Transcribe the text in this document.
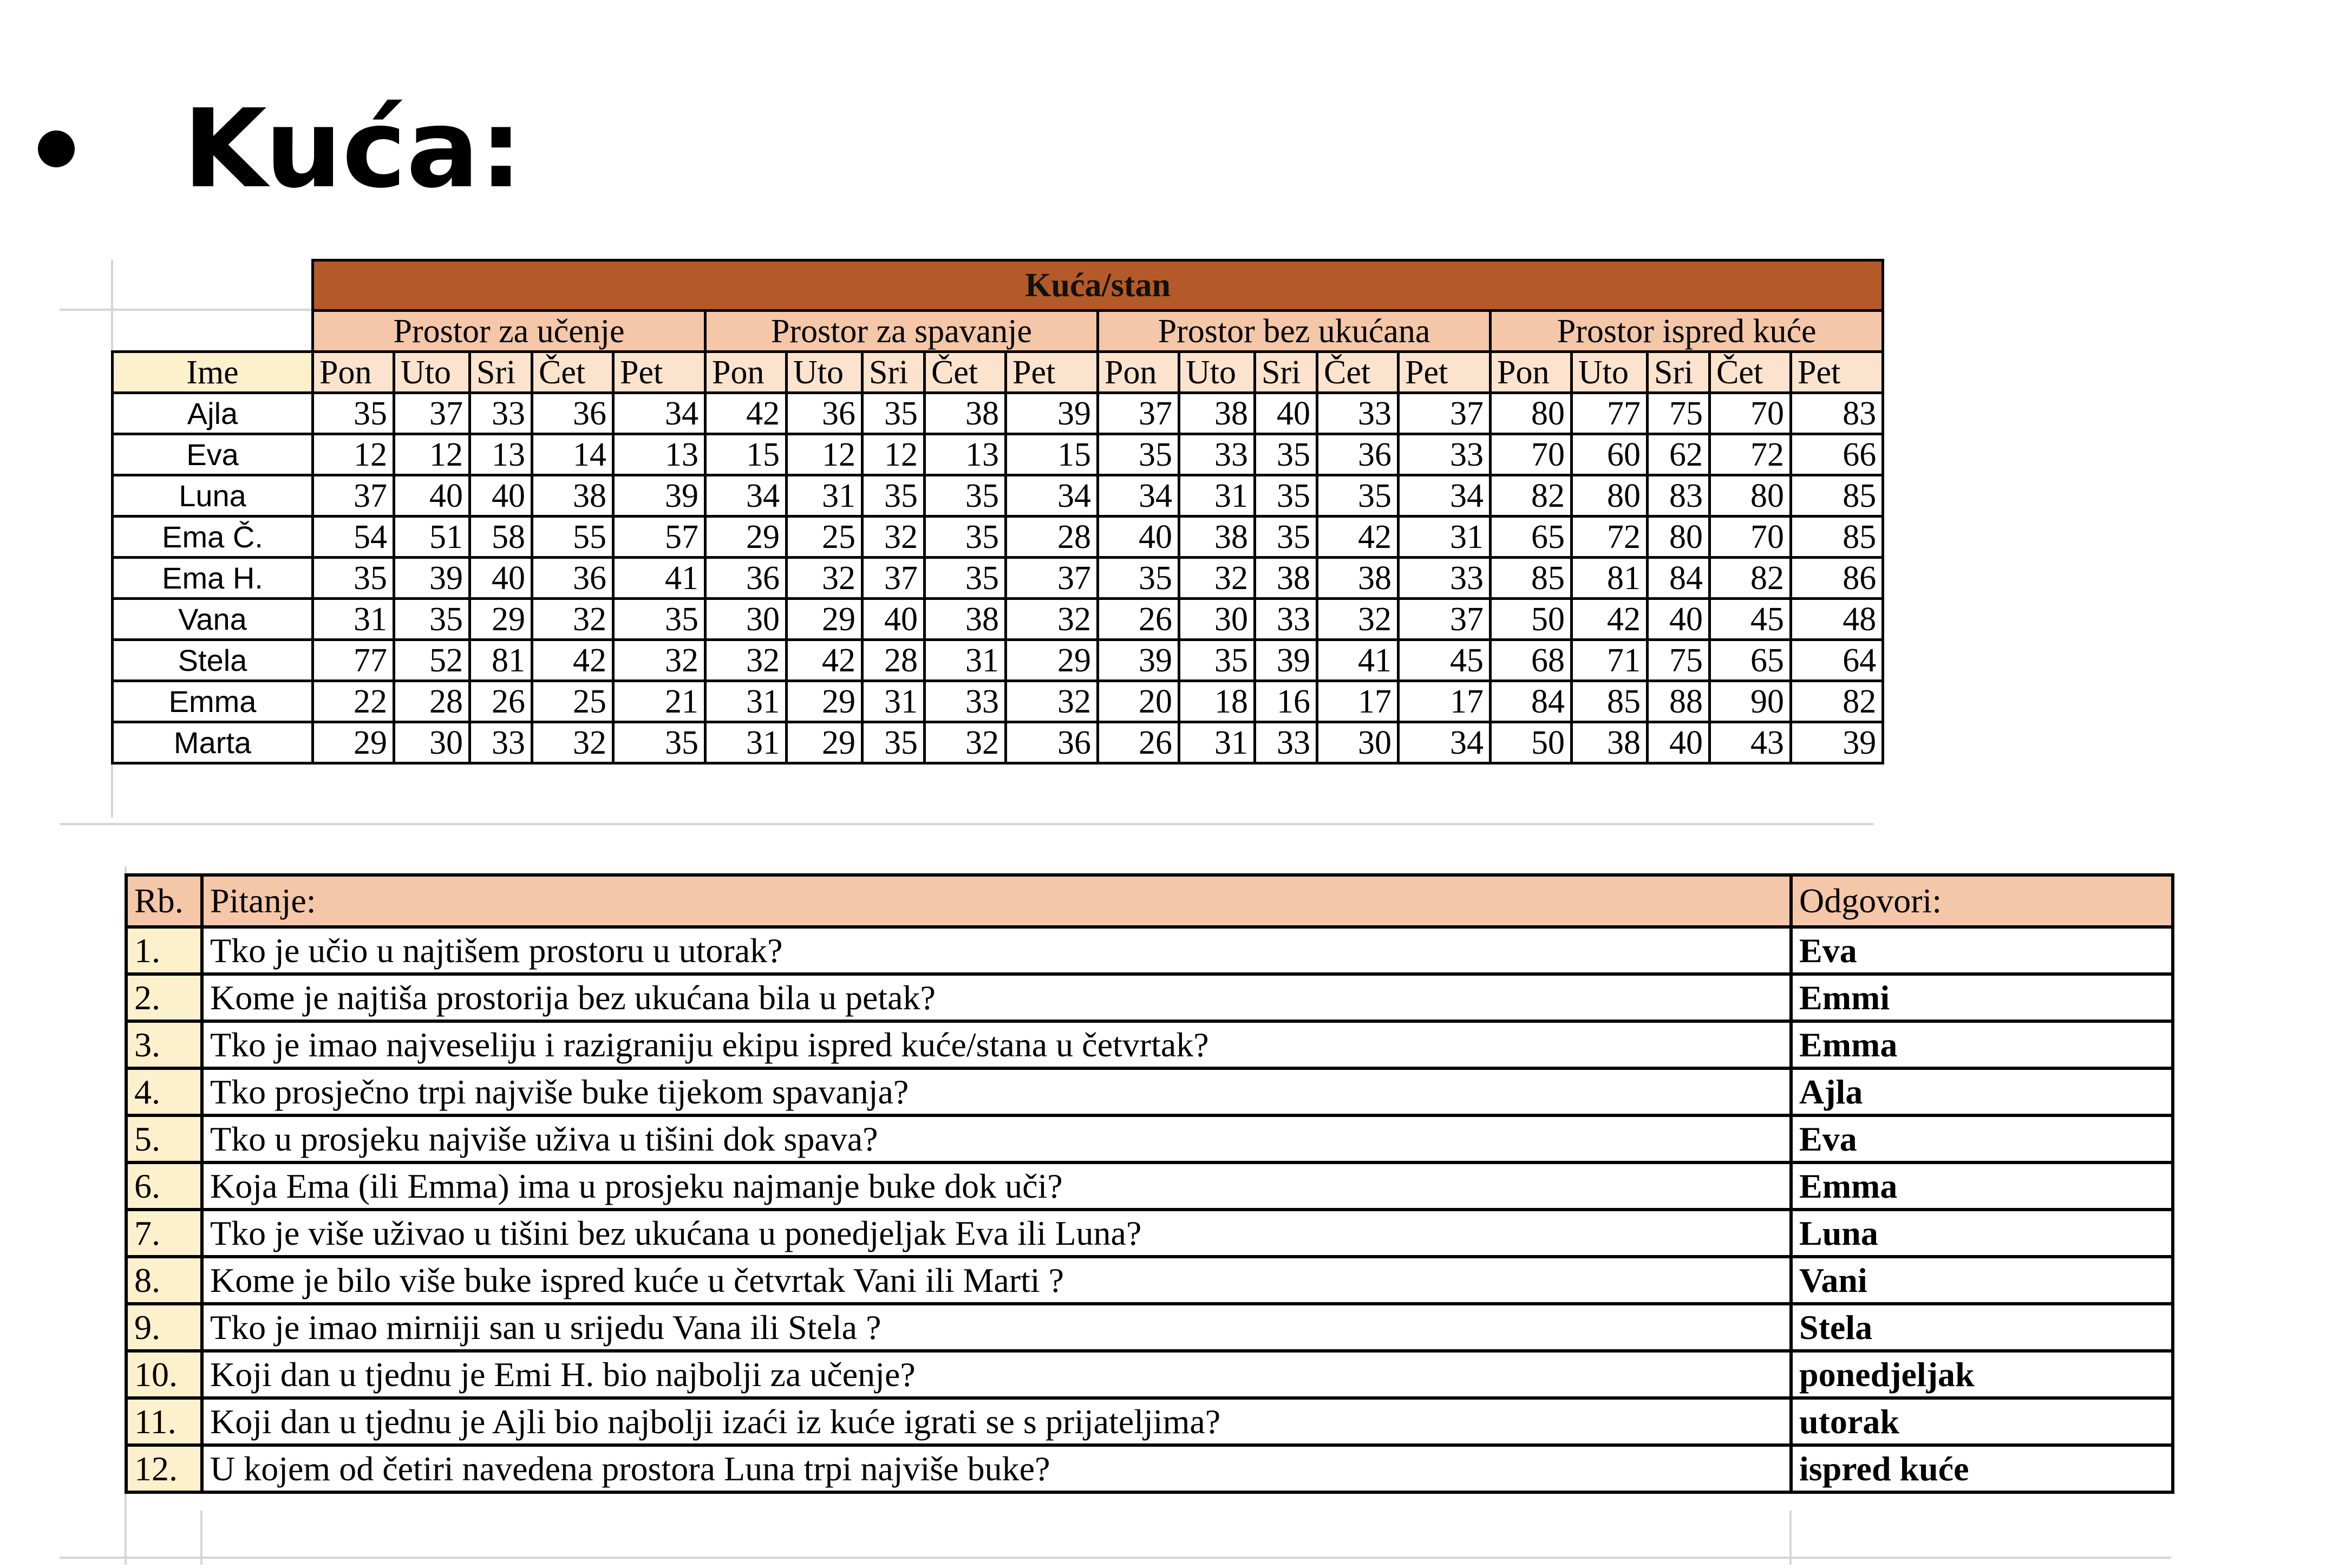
Kuća:
	Kuća/stan																			
	Prostor za učenje					Prostor za spavanje					Prostor bez ukućana					Prostor ispred kuće				
Ime	Pon	Uto	Sri	Čet	Pet	Pon	Uto	Sri	Čet	Pet	Pon	Uto	Sri	Čet	Pet	Pon	Uto	Sri	Čet	Pet
Ajla	35	37	33	36	34	42	36	35	38	39	37	38	40	33	37	80	77	75	70	83
Eva	12	12	13	14	13	15	12	12	13	15	35	33	35	36	33	70	60	62	72	66
Luna	37	40	40	38	39	34	31	35	35	34	34	31	35	35	34	82	80	83	80	85
Ema Č.	54	51	58	55	57	29	25	32	35	28	40	38	35	42	31	65	72	80	70	85
Ema H.	35	39	40	36	41	36	32	37	35	37	35	32	38	38	33	85	81	84	82	86
Vana	31	35	29	32	35	30	29	40	38	32	26	30	33	32	37	50	42	40	45	48
Stela	77	52	81	42	32	32	42	28	31	29	39	35	39	41	45	68	71	75	65	64
Emma	22	28	26	25	21	31	29	31	33	32	20	18	16	17	17	84	85	88	90	82
Marta	29	30	33	32	35	31	29	35	32	36	26	31	33	30	34	50	38	40	43	39
Rb.	Pitanje:	Odgovori:
1.	Tko je učio u najtišem prostoru u utorak?	Eva
2.	Kome je najtiša prostorija bez ukućana bila u petak?	Emmi
3.	Tko je imao najveseliju i razigraniju ekipu ispred kuće/stana u četvrtak?	Emma
4.	Tko prosječno trpi najviše buke tijekom spavanja?	Ajla
5.	Tko u prosjeku najviše uživa u tišini dok spava?	Eva
6.	Koja Ema (ili Emma) ima u prosjeku najmanje buke dok uči?	Emma
7.	Tko je više uživao u tišini bez ukućana u ponedjeljak Eva ili Luna?	Luna
8.	Kome je bilo više buke ispred kuće u četvrtak Vani ili Marti ?	Vani
9.	Tko je imao mirniji san u srijedu Vana ili Stela ?	Stela
10.	Koji dan u tjednu je Emi H. bio najbolji za učenje?	ponedjeljak
11.	Koji dan u tjednu je Ajli bio najbolji izaći iz kuće igrati se s prijateljima?	utorak
12.	U kojem od četiri navedena prostora Luna trpi najviše buke?	ispred kuće
